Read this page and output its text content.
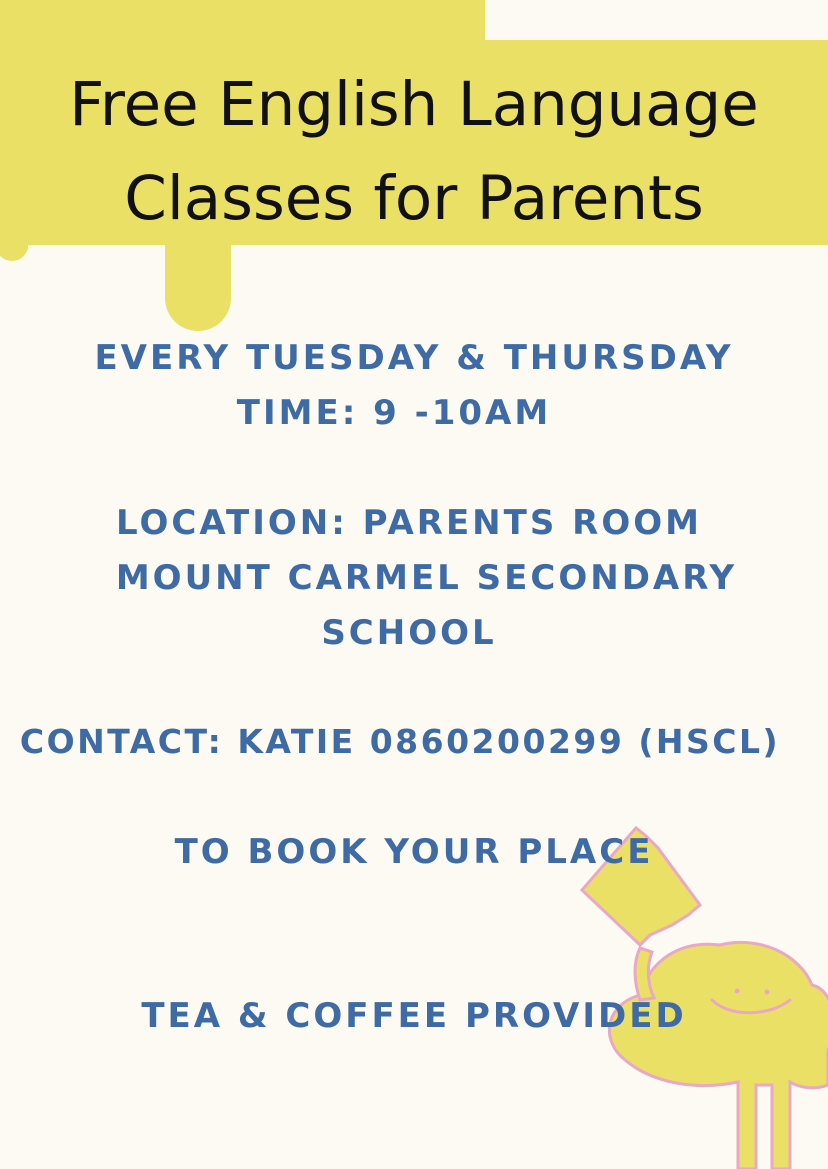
Free English Language
Classes for Parents

EVERY TUESDAY & THURSDAY

TIME: 9 -10AM

LOCATION: PARENTS ROOM

MOUNT CARMEL SECONDARY

SCHOOL

CONTACT: KATIE 0860200299 (HSCL)

TO BOOK YOUR PLACE

TEA & COFFEE PROVIDED
